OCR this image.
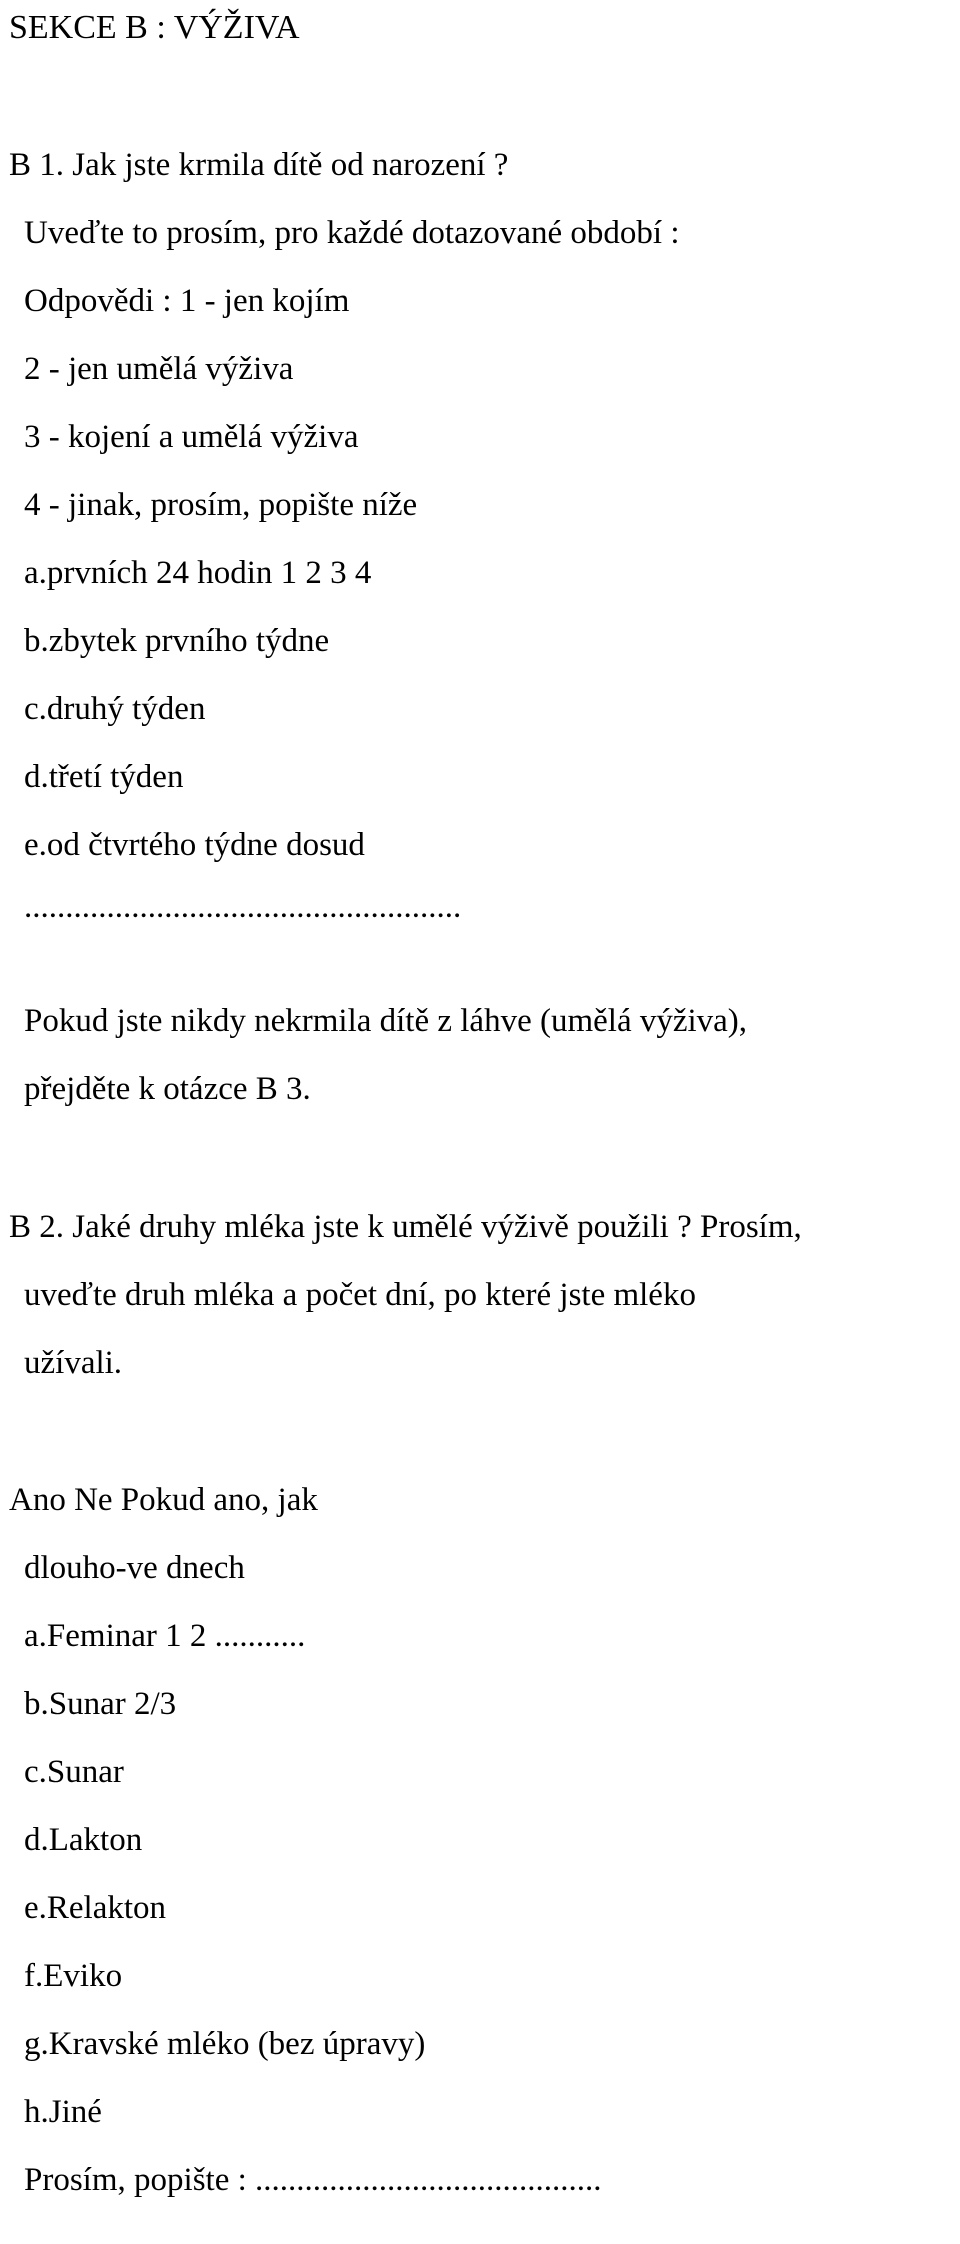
SEKCE B : VÝŽIVA

B 1. Jak jste krmila dítě od narození ?

Uveďte to prosím, pro každé dotazované období :

Odpovědi : 1 - jen kojím

2 - jen umělá výživa

3 - kojení a umělá výživa

4 - jinak, prosím, popište níže

a.prvních 24 hodin 1 2 3 4

b.zbytek prvního týdne

c.druhý týden

d.třetí týden

e.od čtvrtého týdne dosud

.....................................................

Pokud jste nikdy nekrmila dítě z láhve (umělá výživa),

přejděte k otázce B 3.

B 2. Jaké druhy mléka jste k umělé výživě použili ? Prosím,

uveďte druh mléka a počet dní, po které jste mléko

užívali.

Ano Ne Pokud ano, jak

dlouho-ve dnech

a.Feminar 1 2 ...........

b.Sunar 2/3

c.Sunar

d.Lakton

e.Relakton

f.Eviko

g.Kravské mléko (bez úpravy)

h.Jiné

Prosím, popište : ..........................................
